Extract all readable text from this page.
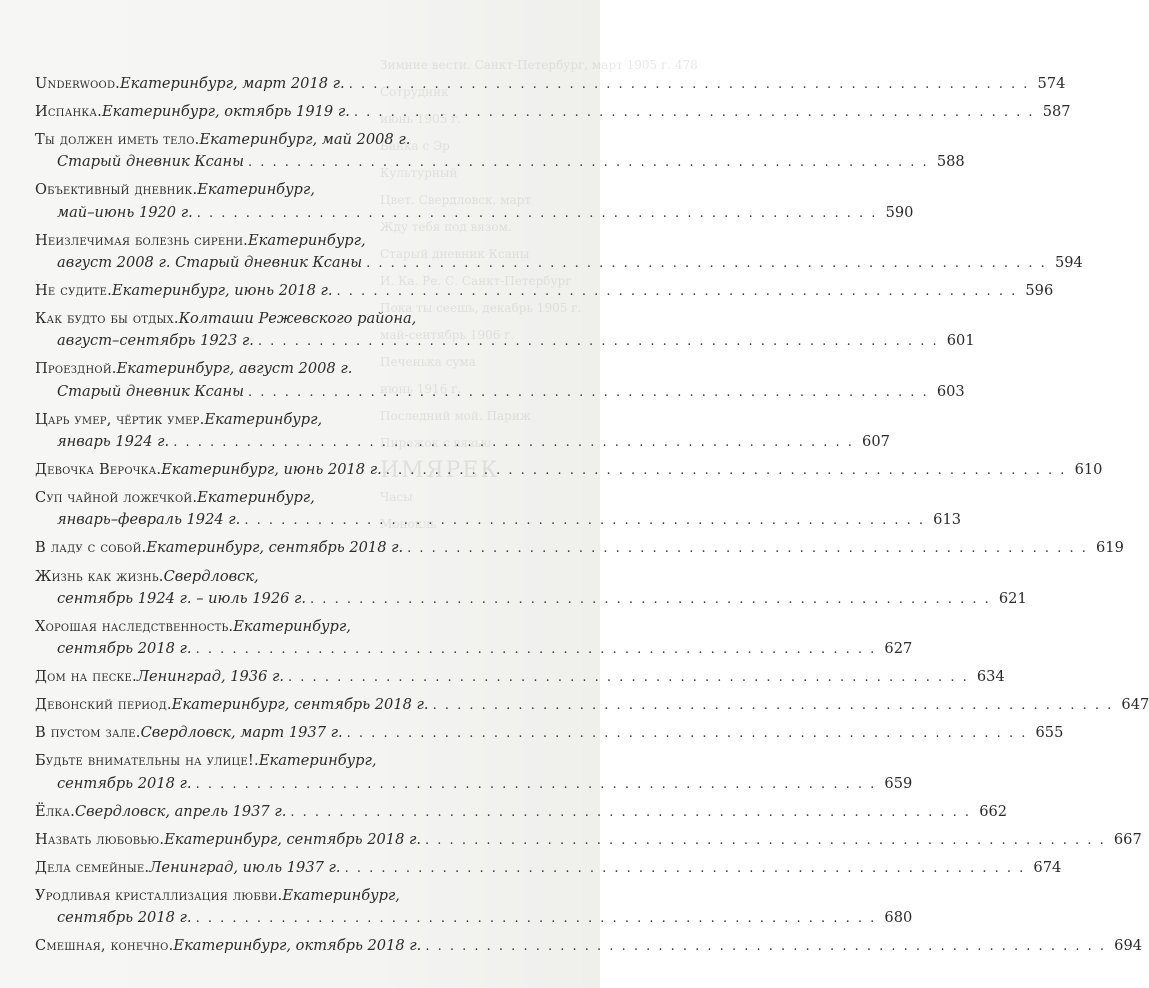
Зимние вести. Санкт-Петербург, март 1905 г. 478
Сотрудник
июнь 1905 г.
Банка с Эр
Культурный
Цвет. Свердловск, март
Жду тебя под вязом.
Старый дневник Ксаны
И. Ка. Ре. С. Санкт-Петербург
Пока ты сеешь, декабрь 1905 г.
май-сентябрь 1906 г.
Печенька сума
июнь 1916 г.
Последний мой. Париж
Пирожок с вязью
ИМЯРЕК
Часы
Монокль
Underwood . Екатеринбург, март 2018 г. . . .	574
Испанка . Екатеринбург, октябрь 1919 г. . . .	587
Ты должен иметь тело . Екатеринбург, май 2008 г.
Старый дневник Ксаны . . .	588
Объективный дневник . Екатеринбург,
май–июнь 1920 г. . . .	590
Неизлечимая болезнь сирени . Екатеринбург,
август 2008 г. Старый дневник Ксаны . . .	594
Не судите . Екатеринбург, июнь 2018 г. . . .	596
Как будто бы отдых . Колташи Режевского района,
август–сентябрь 1923 г. . . .	601
Проездной . Екатеринбург, август 2008 г.
Старый дневник Ксаны . . .	603
Царь умер, чёртик умер . Екатеринбург,
январь 1924 г. . . .	607
Девочка Верочка . Екатеринбург, июнь 2018 г. . . .	610
Суп чайной ложечкой . Екатеринбург,
январь–февраль 1924 г. . . .	613
В ладу с собой . Екатеринбург, сентябрь 2018 г. . . .	619
Жизнь как жизнь . Свердловск,
сентябрь 1924 г. – июль 1926 г. . . .	621
Хорошая наследственность . Екатеринбург,
сентябрь 2018 г. . . .	627
Дом на песке . Ленинград, 1936 г. . . .	634
Девонский период . Екатеринбург, сентябрь 2018 г. . . .	647
В пустом зале . Свердловск, март 1937 г. . . .	655
Будьте внимательны на улице! . Екатеринбург,
сентябрь 2018 г. . . .	659
Ёлка . Свердловск, апрель 1937 г. . . .	662
Назвать любовью . Екатеринбург, сентябрь 2018 г. . . .	667
Дела семейные . Ленинград, июль 1937 г. . . .	674
Уродливая кристаллизация любви . Екатеринбург,
сентябрь 2018 г. . . .	680
Смешная, конечно . Екатеринбург, октябрь 2018 г. . . .	694
